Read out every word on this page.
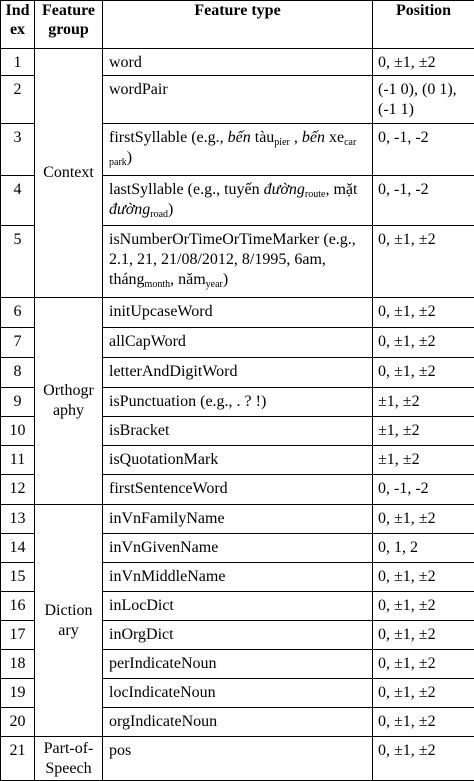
Ind ex	Feature group	Feature type	Position
1	Context	word	0, ±1, ±2
2		wordPair	(-1 0), (0 1), (-1 1)
3		firstSyllable (e.g., bến tàu$_{pier}$ , bến $xe_{car park}$)	0, -1, -2
4		lastSyllable (e.g., tuyến đường$_{route}$, mặt đường$_{road}$)	0, -1, -2
5		isNumberOrTimeOrTimeMarker (e.g., 2.1, 21, 21/08/2012, 8/1995, 6am, tháng$_{month}$, năm$_{year}$)	0, ±1, ±2
6	Orthogr aphy	initUpcaseWord	0, ±1, ±2
7		allCapWord	0, ±1, ±2
8		letterAndDigitWord	0, ±1, ±2
9		isPunctuation (e.g., . ? !)	±1, ±2
10		isBracket	±1, ±2
11		isQuotationMark	±1, ±2
12		firstSentenceWord	0, -1, -2
13	Diction ary	inVnFamilyName	0, ±1, ±2
14		inVnGivenName	0, 1, 2
15		inVnMiddleName	0, ±1, ±2
16		inLocDict	0, ±1, ±2
17		inOrgDict	0, ±1, ±2
18		perIndicateNoun	0, ±1, ±2
19		locIndicateNoun	0, ±1, ±2
20		orgIndicateNoun	0, ±1, ±2
21	Part-of-Speech	pos	0, ±1, ±2
